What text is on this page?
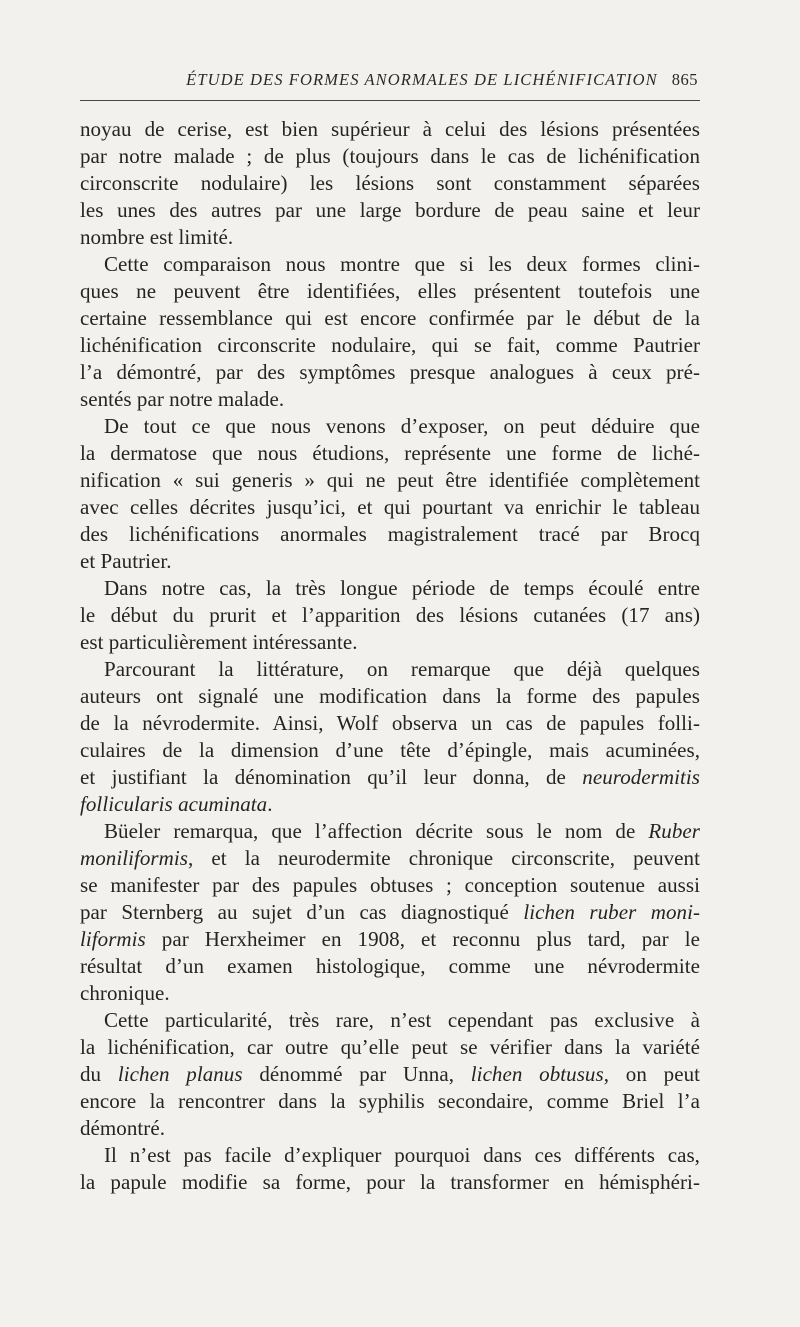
ÉTUDE DES FORMES ANORMALES DE LICHÉNIFICATION 865

noyau de cerise, est bien supérieur à celui des lésions présentées
par notre malade ; de plus (toujours dans le cas de lichénification
circonscrite nodulaire) les lésions sont constamment séparées
les unes des autres par une large bordure de peau saine et leur
nombre est limité.

Cette comparaison nous montre que si les deux formes clini-
ques ne peuvent être identifiées, elles présentent toutefois une
certaine ressemblance qui est encore confirmée par le début de la
lichénification circonscrite nodulaire, qui se fait, comme Pautrier
l’a démontré, par des symptômes presque analogues à ceux pré-
sentés par notre malade.

De tout ce que nous venons d’exposer, on peut déduire que
la dermatose que nous étudions, représente une forme de liché-
nification « sui generis » qui ne peut être identifiée complètement
avec celles décrites jusqu’ici, et qui pourtant va enrichir le tableau
des lichénifications anormales magistralement tracé par Brocq
et Pautrier.

Dans notre cas, la très longue période de temps écoulé entre
le début du prurit et l’apparition des lésions cutanées (17 ans)
est particulièrement intéressante.

Parcourant la littérature, on remarque que déjà quelques
auteurs ont signalé une modification dans la forme des papules
de la névrodermite. Ainsi, Wolf observa un cas de papules folli-
culaires de la dimension d’une tête d’épingle, mais acuminées,
et justifiant la dénomination qu’il leur donna, de neurodermitis
follicularis acuminata.

Büeler remarqua, que l’affection décrite sous le nom de Ruber
moniliformis, et la neurodermite chronique circonscrite, peuvent
se manifester par des papules obtuses ; conception soutenue aussi
par Sternberg au sujet d’un cas diagnostiqué lichen ruber moni-
liformis par Herxheimer en 1908, et reconnu plus tard, par le
résultat d’un examen histologique, comme une névrodermite
chronique.

Cette particularité, très rare, n’est cependant pas exclusive à
la lichénification, car outre qu’elle peut se vérifier dans la variété
du lichen planus dénommé par Unna, lichen obtusus, on peut
encore la rencontrer dans la syphilis secondaire, comme Briel l’a
démontré.

Il n’est pas facile d’expliquer pourquoi dans ces différents cas,
la papule modifie sa forme, pour la transformer en hémisphéri-
